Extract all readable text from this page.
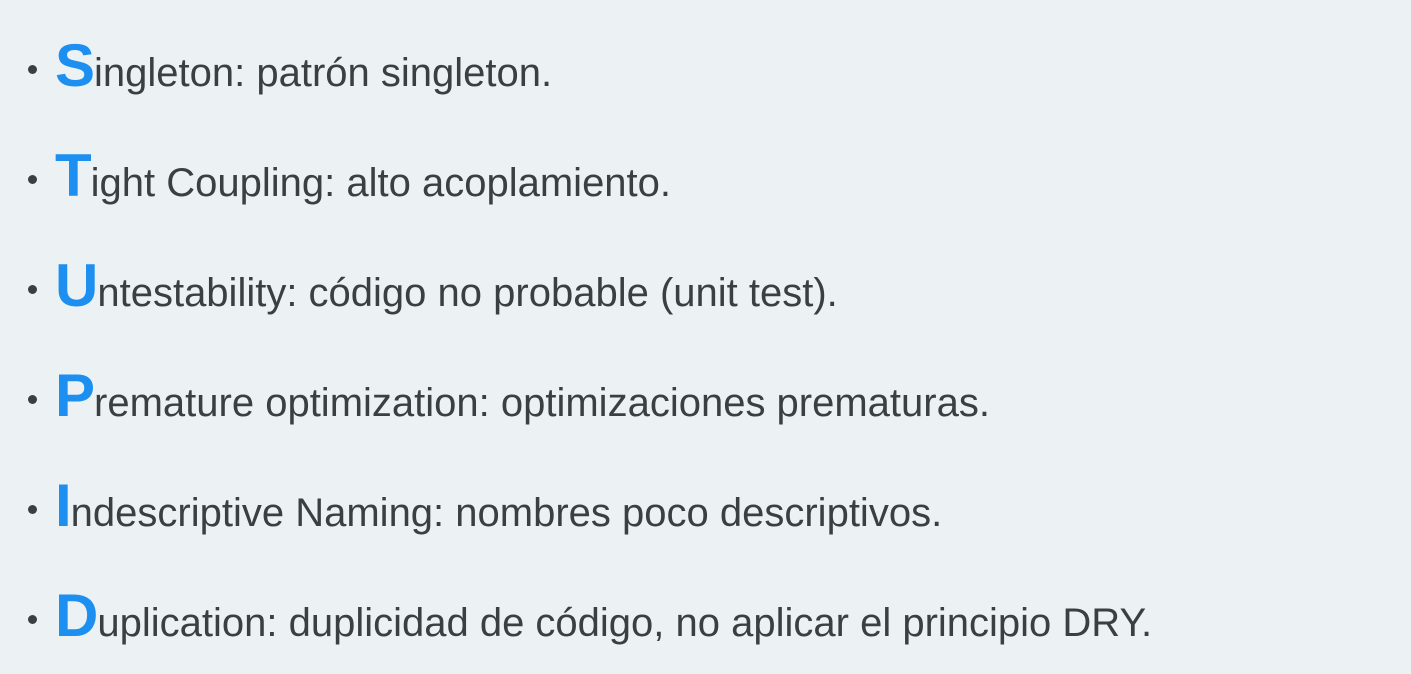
S ingleton: patrón singleton.
T ight Coupling: alto acoplamiento.
U ntestability: código no probable (unit test).
P remature optimization: optimizaciones prematuras.
I ndescriptive Naming: nombres poco descriptivos.
D uplication: duplicidad de código, no aplicar el principio DRY.
